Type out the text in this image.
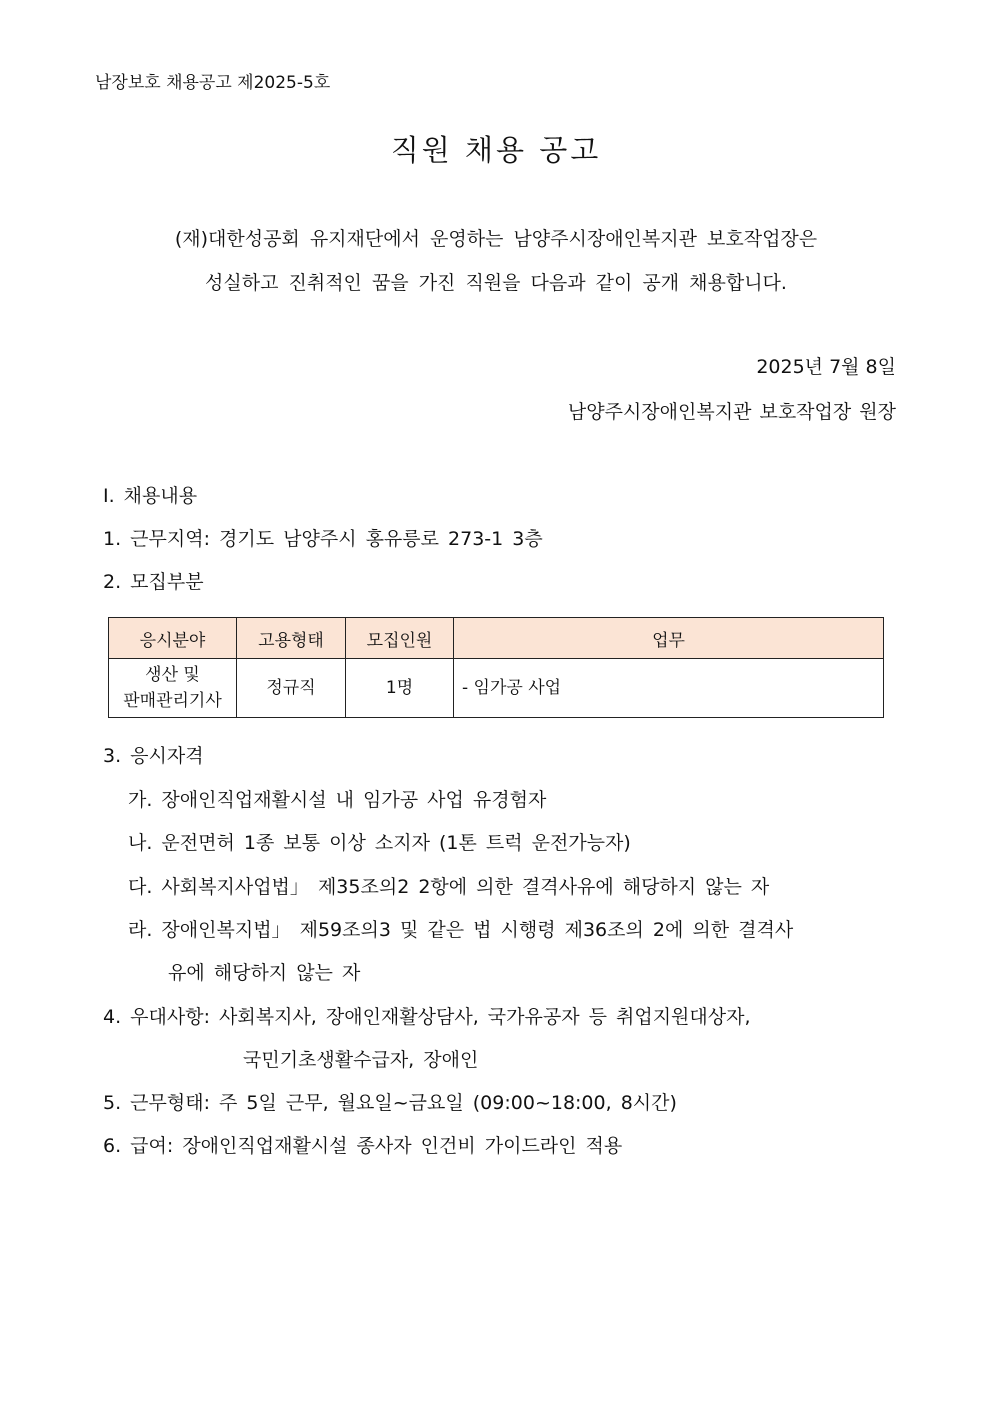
남장보호 채용공고 제2025-5호
직원 채용 공고
(재)대한성공회 유지재단에서 운영하는 남양주시장애인복지관 보호작업장은
성실하고 진취적인 꿈을 가진 직원을 다음과 같이 공개 채용합니다.
2025년 7월 8일
남양주시장애인복지관 보호작업장 원장
Ⅰ. 채용내용
1. 근무지역: 경기도 남양주시 홍유릉로 273-1 3층
2. 모집부분
응시분야	고용형태	모집인원	업무

생산 및
판매관리기사	정규직	1명	- 임가공 사업
3. 응시자격
가. 장애인직업재활시설 내 임가공 사업 유경험자
나. 운전면허 1종 보통 이상 소지자 (1톤 트럭 운전가능자)
다. 사회복지사업법」 제35조의2 2항에 의한 결격사유에 해당하지 않는 자
라. 장애인복지법」 제59조의3 및 같은 법 시행령 제36조의 2에 의한 결격사
유에 해당하지 않는 자
4. 우대사항: 사회복지사, 장애인재활상담사, 국가유공자 등 취업지원대상자,
국민기초생활수급자, 장애인
5. 근무형태: 주 5일 근무, 월요일~금요일 (09:00~18:00, 8시간)
6. 급여: 장애인직업재활시설 종사자 인건비 가이드라인 적용
